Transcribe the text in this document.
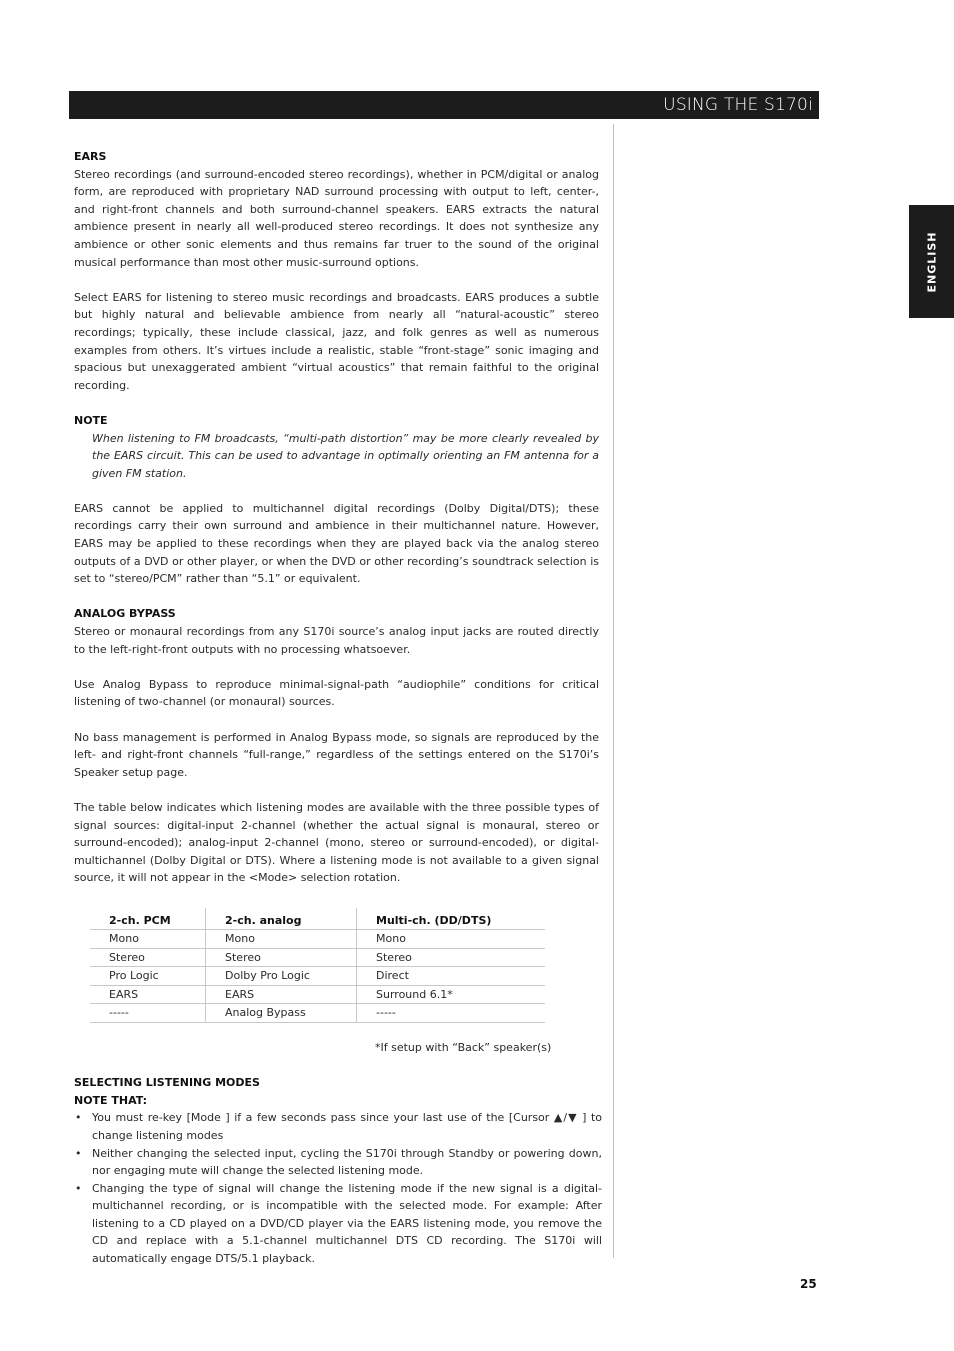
USING THE S170i
ENGLISH
EARS

Stereo recordings (and surround-encoded stereo recordings), whether in PCM/digital or analog form, are reproduced with proprietary NAD surround processing with output to left, center-, and right-front channels and both surround-channel speakers. EARS extracts the natural ambience present in nearly all well-produced stereo recordings. It does not synthesize any ambience or other sonic elements and thus remains far truer to the sound of the original musical performance than most other music-surround options.

Select EARS for listening to stereo music recordings and broadcasts. EARS produces a subtle but highly natural and believable ambience from nearly all “natural-acoustic” stereo recordings; typically, these include classical, jazz, and folk genres as well as numerous examples from others. It’s virtues include a realistic, stable “front-stage” sonic imaging and spacious but unexaggerated ambient “virtual acoustics” that remain faithful to the original recording.

NOTE

When listening to FM broadcasts, “multi-path distortion” may be more clearly revealed by the EARS circuit. This can be used to advantage in optimally orienting an FM antenna for a given FM station.

EARS cannot be applied to multichannel digital recordings (Dolby Digital/DTS); these recordings carry their own surround and ambience in their multichannel nature. However, EARS may be applied to these recordings when they are played back via the analog stereo outputs of a DVD or other player, or when the DVD or other recording’s soundtrack selection is set to “stereo/PCM” rather than “5.1” or equivalent.

ANALOG BYPASS

Stereo or monaural recordings from any S170i source’s analog input jacks are routed directly to the left-right-front outputs with no processing whatsoever.

Use Analog Bypass to reproduce minimal-signal-path “audiophile” conditions for critical listening of two-channel (or monaural) sources.

No bass management is performed in Analog Bypass mode, so signals are reproduced by the left- and right-front channels “full-range,” regardless of the settings entered on the S170i’s Speaker setup page.

The table below indicates which listening modes are available with the three possible types of signal sources: digital-input 2-channel (whether the actual signal is monaural, stereo or surround-encoded); analog-input 2-channel (mono, stereo or surround-encoded), or digital-multichannel (Dolby Digital or DTS). Where a listening mode is not available to a given signal source, it will not appear in the <Mode> selection rotation.

2-ch. PCM	2-ch. analog	Multi-ch. (DD/DTS)
Mono	Mono	Mono
Stereo	Stereo	Stereo
Pro Logic	Dolby Pro Logic	Direct
EARS	EARS	Surround 6.1*
-----	Analog Bypass	-----

*If setup with “Back” speaker(s)

SELECTING LISTENING MODES
NOTE THAT:
• You must re-key [Mode ] if a few seconds pass since your last use of the [Cursor ▲/▼ ] to change listening modes
• Neither changing the selected input, cycling the S170i through Standby or powering down, nor engaging mute will change the selected listening mode.
• Changing the type of signal will change the listening mode if the new signal is a digital-multichannel recording, or is incompatible with the selected mode. For example: After listening to a CD played on a DVD/CD player via the EARS listening mode, you remove the CD and replace with a 5.1-channel multichannel DTS CD recording. The S170i will automatically engage DTS/5.1 playback.
25
